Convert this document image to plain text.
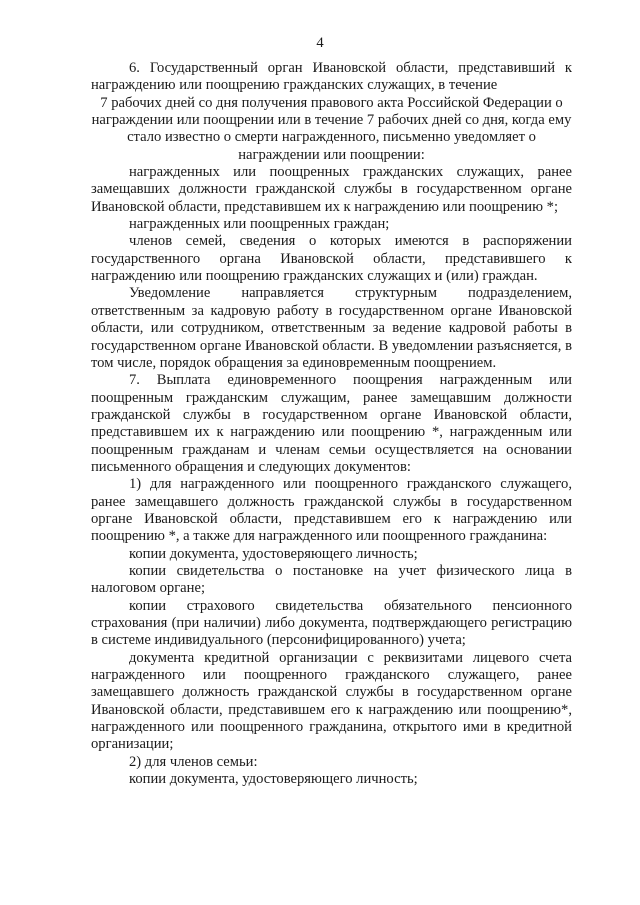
4

6. Государственный орган Ивановской области, представивший к награждению или поощрению гражданских служащих, в течение

7 рабочих дней со дня получения правового акта Российской Федерации о награждении или поощрении или в течение 7 рабочих дней со дня, когда ему стало известно о смерти награжденного, письменно уведомляет о награждении или поощрении:

награжденных или поощренных гражданских служащих, ранее замещавших должности гражданской службы в государственном органе Ивановской области, представившем их к награждению или поощрению *;

награжденных или поощренных граждан;

членов семей, сведения о которых имеются в распоряжении государственного органа Ивановской области, представившего к награждению или поощрению гражданских служащих и (или) граждан.

Уведомление направляется структурным подразделением, ответственным за кадровую работу в государственном органе Ивановской области, или сотрудником, ответственным за ведение кадровой работы в государственном органе Ивановской области. В уведомлении разъясняется, в том числе, порядок обращения за единовременным поощрением.

7. Выплата единовременного поощрения награжденным или поощренным гражданским служащим, ранее замещавшим должности гражданской службы в государственном органе Ивановской области, представившем их к награждению или поощрению *, награжденным или поощренным гражданам и членам семьи осуществляется на основании письменного обращения и следующих документов:

1) для награжденного или поощренного гражданского служащего, ранее замещавшего должность гражданской службы в государственном органе Ивановской области, представившем его к награждению или поощрению *, а также для награжденного или поощренного гражданина:

копии документа, удостоверяющего личность;

копии свидетельства о постановке на учет физического лица в налоговом органе;

копии страхового свидетельства обязательного пенсионного страхования (при наличии) либо документа, подтверждающего регистрацию в системе индивидуального (персонифицированного) учета;

документа кредитной организации с реквизитами лицевого счета награжденного или поощренного гражданского служащего, ранее замещавшего должность гражданской службы в государственном органе Ивановской области, представившем его к награждению или поощрению*, награжденного или поощренного гражданина, открытого ими в кредитной организации;

2) для членов семьи:

копии документа, удостоверяющего личность;
